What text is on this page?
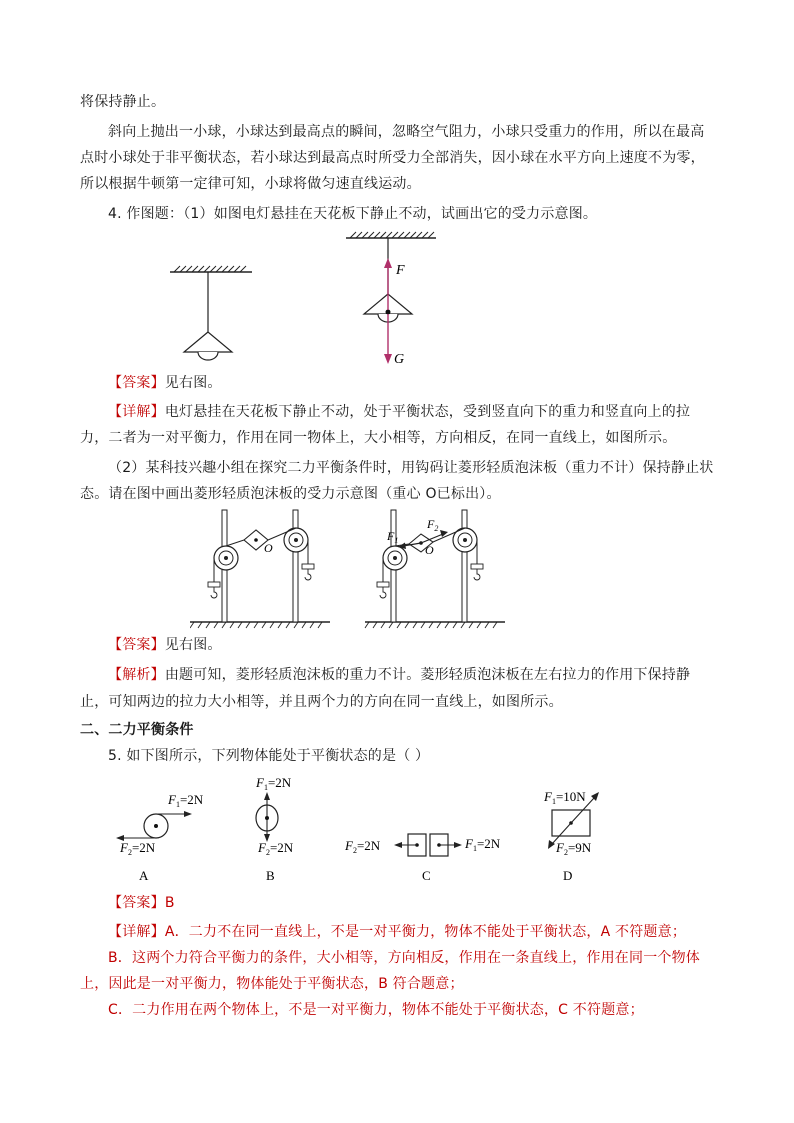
将保持静止。
斜向上抛出一小球，小球达到最高点的瞬间，忽略空气阻力，小球只受重力的作用，所以在最高
点时小球处于非平衡状态，若小球达到最高点时所受力全部消失，因小球在水平方向上速度不为零，
所以根据牛顿第一定律可知，小球将做匀速直线运动。
4. 作图题：（1）如图电灯悬挂在天花板下静止不动，试画出它的受力示意图。
【答案】见右图。
【详解】电灯悬挂在天花板下静止不动，处于平衡状态，受到竖直向下的重力和竖直向上的拉
力，二者为一对平衡力，作用在同一物体上，大小相等，方向相反，在同一直线上，如图所示。
（2）某科技兴趣小组在探究二力平衡条件时，用钩码让菱形轻质泡沫板（重力不计）保持静止状
态。请在图中画出菱形轻质泡沫板的受力示意图（重心 O已标出）。
【答案】见右图。
【解析】由题可知，菱形轻质泡沫板的重力不计。菱形轻质泡沫板在左右拉力的作用下保持静
止，可知两边的拉力大小相等，并且两个力的方向在同一直线上，如图所示。
二、二力平衡条件
5. 如下图所示，下列物体能处于平衡状态的是（ ）
【答案】B
【详解】A．二力不在同一直线上，不是一对平衡力，物体不能处于平衡状态，A 不符题意；
B．这两个力符合平衡力的条件，大小相等，方向相反，作用在一条直线上，作用在同一个物体
上，因此是一对平衡力，物体能处于平衡状态，B 符合题意；
C．二力作用在两个物体上，不是一对平衡力，物体不能处于平衡状态，C 不符题意；
F
G
O
$F_1$
$F_2$
O
$F_1=2N$
$F_2=2N$
A
$F_1=2N$
$F_2=2N$
B
$F_2=2N$	$F_1=2N$
C
$F_1=10N$
$F_2=9N$
D
